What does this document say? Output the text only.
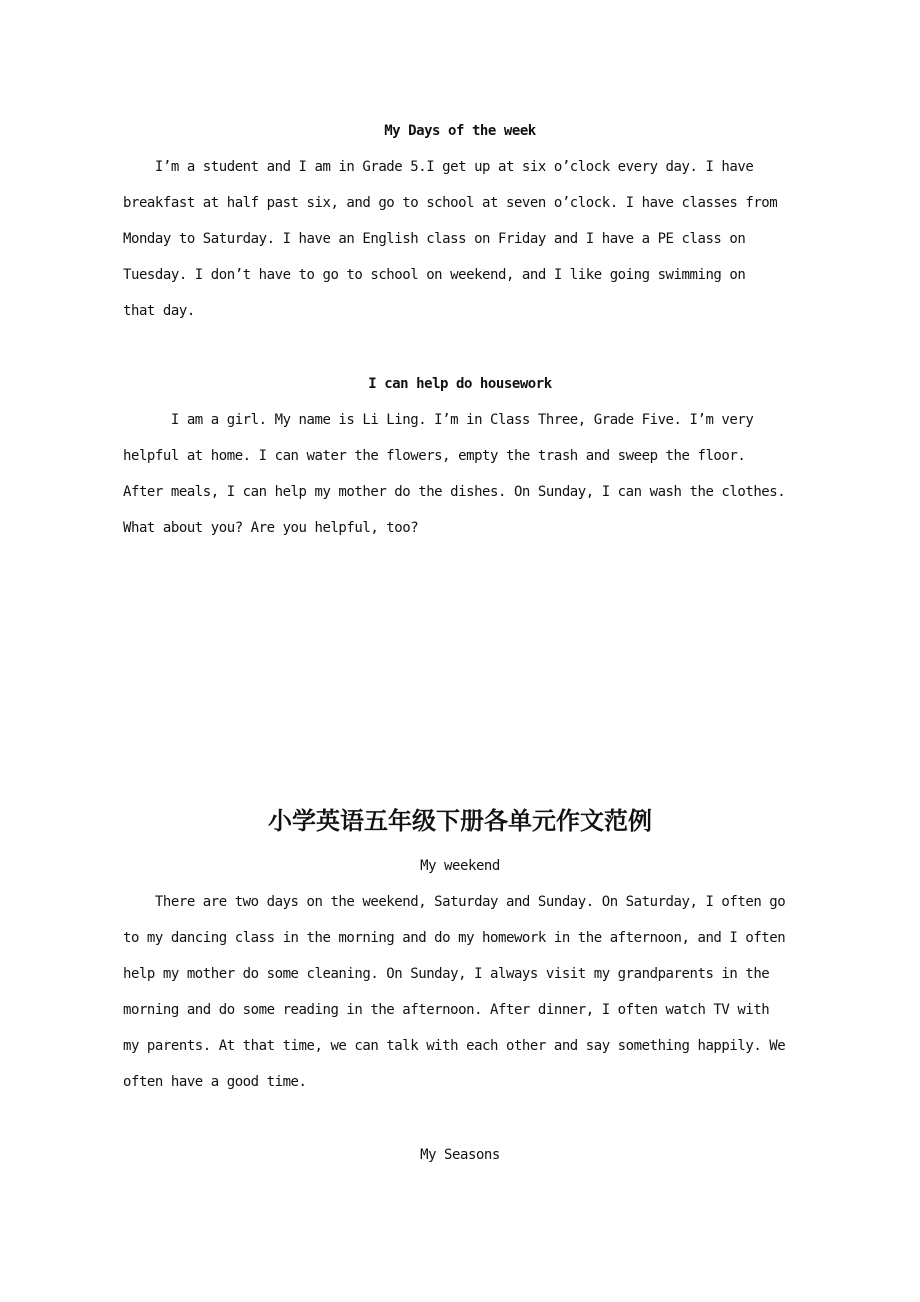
My Days of the week

I’m a student and I am in Grade 5.I get up at six o’clock every day. I have

breakfast at half past six, and go to school at seven o’clock. I have classes from

Monday to Saturday. I have an English class on Friday and I have a PE class on

Tuesday. I don’t have to go to school on weekend, and I like going swimming on

that day.

I can help do housework

I am a girl. My name is Li Ling. I’m in Class Three, Grade Five. I’m very

helpful at home. I can water the flowers, empty the trash and sweep the floor.

After meals, I can help my mother do the dishes. On Sunday, I can wash the clothes.

What about you? Are you helpful, too?

小学英语五年级下册各单元作文范例

My weekend

There are two days on the weekend, Saturday and Sunday. On Saturday, I often go

to my dancing class in the morning and do my homework in the afternoon, and I often

help my mother do some cleaning. On Sunday, I always visit my grandparents in the

morning and do some reading in the afternoon. After dinner, I often watch TV with

my parents. At that time, we can talk with each other and say something happily. We

often have a good time.

My Seasons
